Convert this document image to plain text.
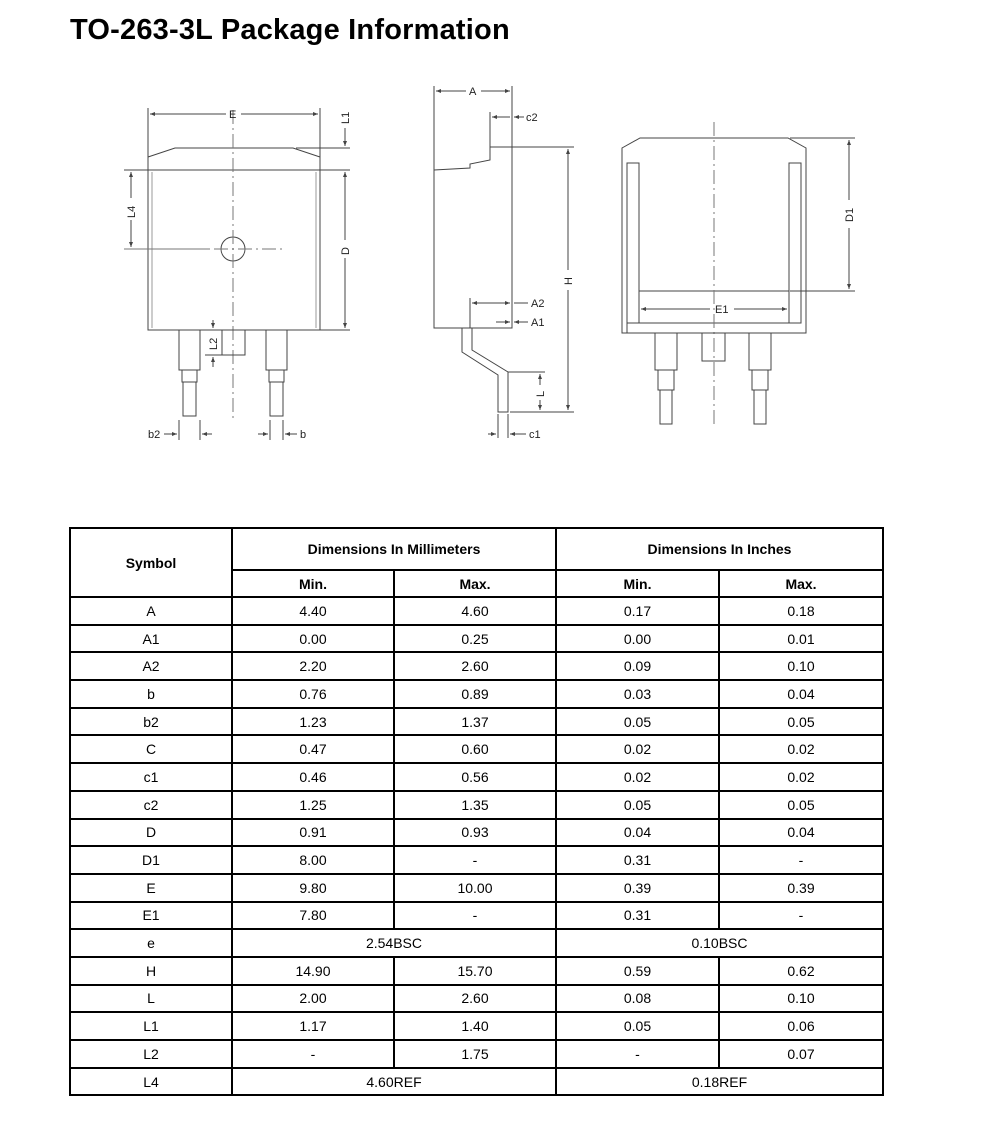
TO-263-3L Package Information
E	L1
L4
D
L2
b2	b
A
c2
H
A2
A1
L
c1
D1
E1
Symbol	Dimensions In Millimeters		Dimensions In Inches	
	Min.	Max.	Min.	Max.
A	4.40	4.60	0.17	0.18
A1	0.00	0.25	0.00	0.01
A2	2.20	2.60	0.09	0.10
b	0.76	0.89	0.03	0.04
b2	1.23	1.37	0.05	0.05
C	0.47	0.60	0.02	0.02
c1	0.46	0.56	0.02	0.02
c2	1.25	1.35	0.05	0.05
D	0.91	0.93	0.04	0.04
D1	8.00	-	0.31	-
E	9.80	10.00	0.39	0.39
E1	7.80	-	0.31	-
e	2.54BSC		0.10BSC	
H	14.90	15.70	0.59	0.62
L	2.00	2.60	0.08	0.10
L1	1.17	1.40	0.05	0.06
L2	-	1.75	-	0.07
L4	4.60REF		0.18REF	
